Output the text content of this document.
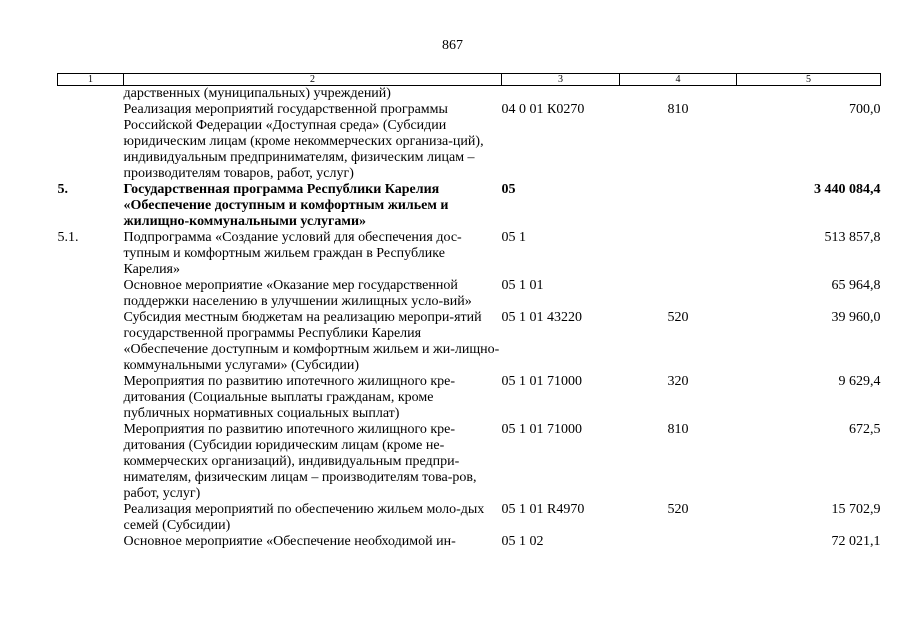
867
1	2	3	4	5
	дарственных (муниципальных) учреждений)			
	Реализация мероприятий государственной программы Российской Федерации «Доступная среда» (Субсидии юридическим лицам (кроме некоммерческих организа-ций), индивидуальным предпринимателям, физическим лицам – производителям товаров, работ, услуг)	04 0 01 К0270	810	700,0
5.	Государственная программа Республики Карелия «Обеспечение доступным и комфортным жильем и жилищно-коммунальными услугами»	05		3 440 084,4
5.1.	Подпрограмма «Создание условий для обеспечения дос-тупным и комфортным жильем граждан в Республике Карелия»	05 1		513 857,8
	Основное мероприятие «Оказание мер государственной поддержки населению в улучшении жилищных усло-вий»	05 1 01		65 964,8
	Субсидия местным бюджетам на реализацию меропри-ятий государственной программы Республики Карелия «Обеспечение доступным и комфортным жильем и жи-лищно-коммунальными услугами» (Субсидии)	05 1 01 43220	520	39 960,0
	Мероприятия по развитию ипотечного жилищного кре-дитования (Социальные выплаты гражданам, кроме публичных нормативных социальных выплат)	05 1 01 71000	320	9 629,4
	Мероприятия по развитию ипотечного жилищного кре-дитования (Субсидии юридическим лицам (кроме не-коммерческих организаций), индивидуальным предпри-нимателям, физическим лицам – производителям това-ров, работ, услуг)	05 1 01 71000	810	672,5
	Реализация мероприятий по обеспечению жильем моло-дых семей (Субсидии)	05 1 01 R4970	520	15 702,9
	Основное мероприятие «Обеспечение необходимой ин-	05 1 02		72 021,1
